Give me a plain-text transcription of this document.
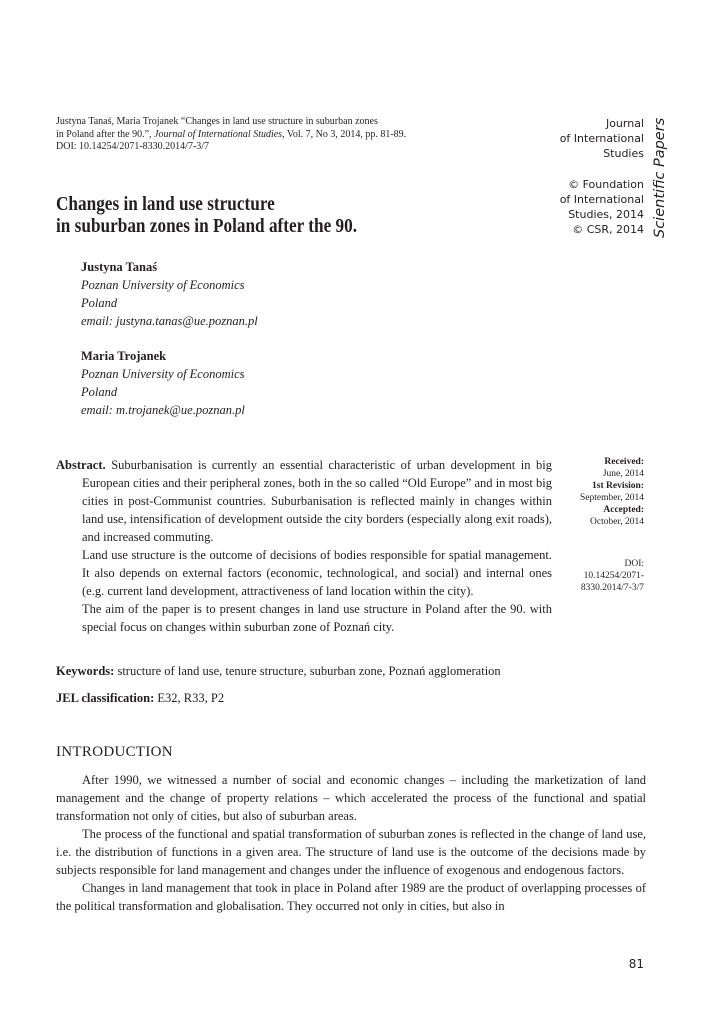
Justyna Tanaś, Maria Trojanek “Changes in land use structure in suburban zones
in Poland after the 90.”, Journal of International Studies, Vol. 7, No 3, 2014, pp. 81-89.
DOI: 10.14254/2071-8330.2014/7-3/7
Journal
of International
Studies
© Foundation
of International
Studies, 2014
© CSR, 2014 Scientific Papers
Changes in land use structure
in suburban zones in Poland after the 90.
Justyna Tanaś
Poznan University of Economics
Poland
email: justyna.tanas@ue.poznan.pl
Maria Trojanek
Poznan University of Economics
Poland
email: m.trojanek@ue.poznan.pl
Abstract. Suburbanisation is currently an essential characteristic of urban development in big European cities and their peripheral zones, both in the so called “Old Europe” and in most big cities in post-Communist countries. Suburbanisation is reflected mainly in changes within land use, intensification of development outside the city borders (especially along exit roads), and increased commuting.
Land use structure is the outcome of decisions of bodies responsible for spatial management. It also depends on external factors (economic, technological, and social) and internal ones (e.g. current land development, attractiveness of land location within the city).
The aim of the paper is to present changes in land use structure in Poland after the 90. with special focus on changes within suburban zone of Poznań city.
Received:
June, 2014
1st Revision:
September, 2014
Accepted:
October, 2014
DOI:
10.14254/2071-
8330.2014/7-3/7
Keywords: structure of land use, tenure structure, suburban zone, Poznań agglomeration
JEL classification: E32, R33, P2
INTRODUCTION

After 1990, we witnessed a number of social and economic changes – including the marketization of land management and the change of property relations – which accelerated the process of the functional and spatial transformation not only of cities, but also of suburban areas.

The process of the functional and spatial transformation of suburban zones is reflected in the change of land use, i.e. the distribution of functions in a given area. The structure of land use is the outcome of the decisions made by subjects responsible for land management and changes under the influence of exogenous and endogenous factors.

Changes in land management that took in place in Poland after 1989 are the product of overlapping processes of the political transformation and globalisation. They occurred not only in cities, but also in

81
